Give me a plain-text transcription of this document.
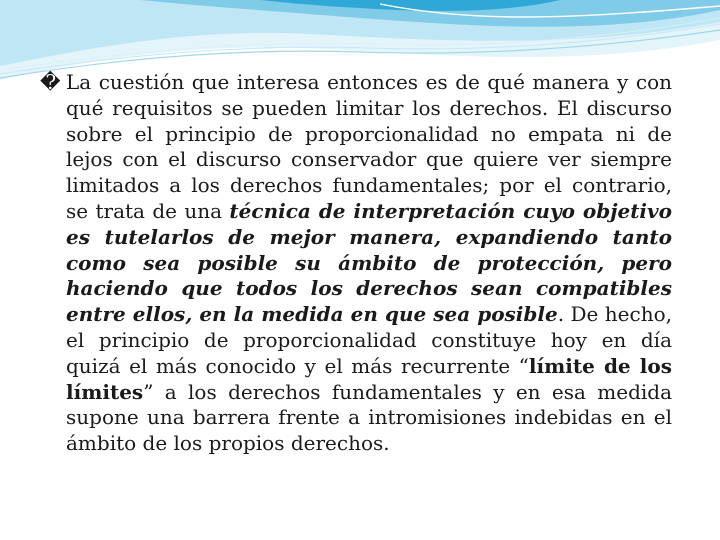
� La cuestión que interesa entonces es de qué manera y con qué requisitos se pueden limitar los derechos. El discurso sobre el principio de proporcionalidad no empata ni de lejos con el discurso conservador que quiere ver siempre limitados a los derechos fundamentales; por el contrario, se trata de una técnica de interpretación cuyo objetivo es tutelarlos de mejor manera, expandiendo tanto como sea posible su ámbito de protección, pero haciendo que todos los derechos sean compatibles entre ellos, en la medida en que sea posible. De hecho, el principio de proporcionalidad constituye hoy en día quizá el más conocido y el más recurrente “límite de los límites” a los derechos fundamentales y en esa medida supone una barrera frente a intromisiones indebidas en el ámbito de los propios derechos.
